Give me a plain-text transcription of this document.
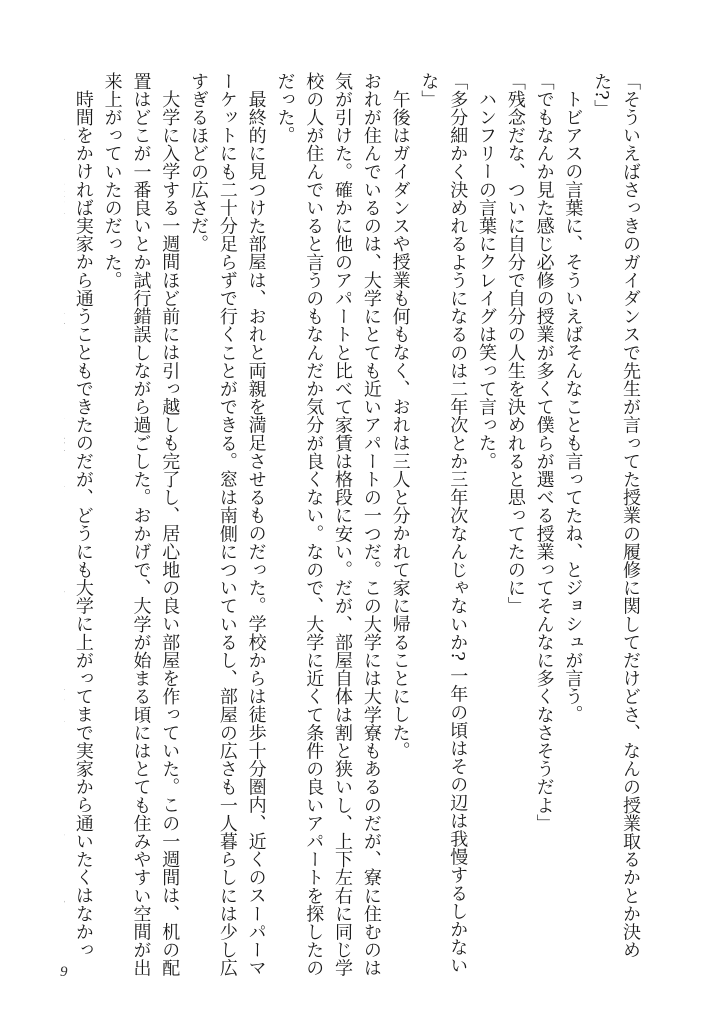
「そういえばさっきのガイダンスで先生が言ってた授業の履修に関してだけどさ、なんの授業取るかとか決めた?」

トビアスの言葉に、そういえばそんなことも言ってたね、とジョシュが言う。

「でもなんか見た感じ必修の授業が多くて僕らが選べる授業ってそんなに多くなさそうだよ」

「残念だな、ついに自分で自分の人生を決めれると思ってたのに」

ハンフリーの言葉にクレイグは笑って言った。

「多分細かく決めれるようになるのは二年次とか三年次なんじゃないか? 一年の頃はその辺は我慢するしかないな」

午後はガイダンスや授業も何もなく、おれは三人と分かれて家に帰ることにした。

おれが住んでいるのは、大学にとても近いアパートの一つだ。この大学には大学寮もあるのだが、寮に住むのは気が引けた。確かに他のアパートと比べて家賃は格段に安い。だが、部屋自体は割と狭いし、上下左右に同じ学校の人が住んでいると言うのもなんだか気分が良くない。なので、大学に近くて条件の良いアパートを探したのだった。

最終的に見つけた部屋は、おれと両親を満足させるものだった。学校からは徒歩十分圏内、近くのスーパーマーケットにも二十分足らずで行くことができる。窓は南側についているし、部屋の広さも一人暮らしには少し広すぎるほどの広さだ。

大学に入学する一週間ほど前には引っ越しも完了し、居心地の良い部屋を作っていた。この一週間は、机の配置はどこが一番良いとか試行錯誤しながら過ごした。おかげで、大学が始まる頃にはとても住みやすい空間が出来上がっていたのだった。

時間をかければ実家から通うこともできたのだが、どうにも大学に上がってまで実家から通いたくはなかっ

9
